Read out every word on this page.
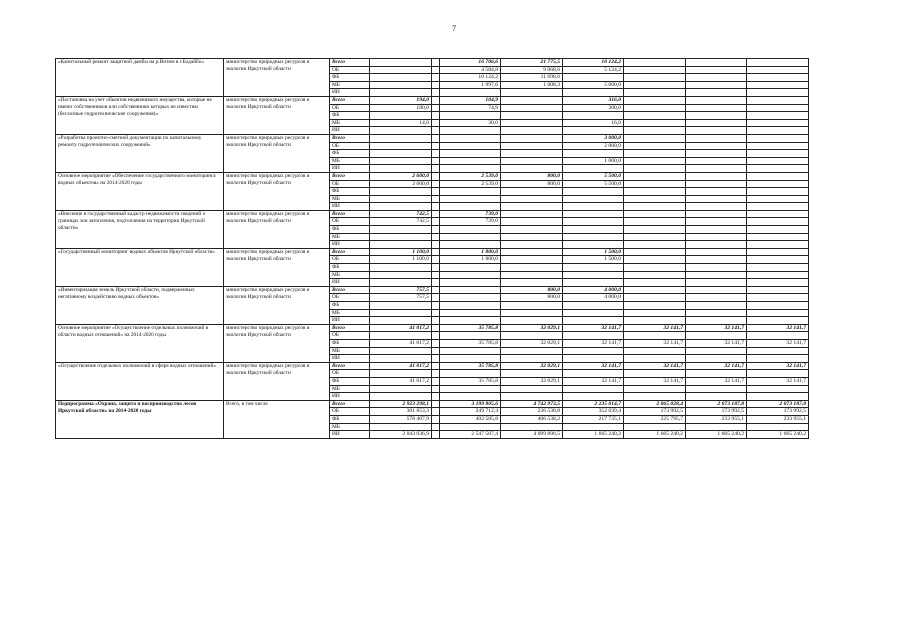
7
«Капитальный ремонт защитной дамбы на р.Витим в г.Бодайбо»	министерство природных ресурсов и экологии Иркутской области	Всего			16 706,6	21 775,5	10 124,2			
		ОБ			4 584,8	9 068,6	5 124,2			
		ФБ			10 124,2	11 698,6				
		МБ			1 997,6	1 008,3	5 000,0			
		ИИ								
«Постановка на учет объектов недвижимого имущества, которые не имеют собственников или собственники которых не известны (бесхозные гидротехнические сооружения)»	министерство природных ресурсов и экологии Иркутской области	Всего	194,0		104,9		316,0			
		ОБ	180,0		74,9		300,0			
		ФБ								
		МБ	14,0		30,0		16,0			
		ИИ								
«Разработка проектно-сметной документации по капитальному ремонту гидротехнических сооружений»	министерство природных ресурсов и экологии Иркутской области	Всего					3 000,0			
		ОБ					2 000,0			
		ФБ								
		МБ					1 000,0			
		ИИ								
Основное мероприятие «Обеспечение государственного мониторинга водных объектов» на 2014-2020 годы	министерство природных ресурсов и экологии Иркутской области	Всего	2 600,0		2 539,0	800,0	5 500,0			
		ОБ	2 600,0		2 539,0	800,0	5 500,0			
		ФБ								
		МБ								
		ИИ								
«Внесение в государственный кадастр недвижимости сведений о границах зон затопления, подтопления на территории Иркутской области»	министерство природных ресурсов и экологии Иркутской области	Всего	742,5		739,0					
		ОБ	742,5		739,0					
		ФБ								
		МБ								
		ИИ								
«Государственный мониторинг водных объектов Иркутской области»	министерство природных ресурсов и экологии Иркутской области	Всего	1 100,0		1 800,0		1 500,0			
		ОБ	1 100,0		1 800,0		1 500,0			
		ФБ								
		МБ								
		ИИ								
«Инвентаризация земель Иркутской области, подверженных негативному воздействию водных объектов»	министерство природных ресурсов и экологии Иркутской области	Всего	757,5			800,0	4 000,0			
		ОБ	757,5			800,0	4 000,0			
		ФБ								
		МБ								
		ИИ								
Основное мероприятие «Осуществление отдельных полномочий в области водных отношений» на 2014-2020 годы	министерство природных ресурсов и экологии Иркутской области	Всего	41 017,2		35 785,8	32 029,1	32 141,7	32 141,7	32 141,7	32 141,7
		ОБ								
		ФБ	41 017,2		35 785,8	32 029,1	32 141,7	32 141,7	32 141,7	32 141,7
		МБ								
		ИИ								
«Осуществление отдельных полномочий в сфере водных отношений»	министерство природных ресурсов и экологии Иркутской области	Всего	41 017,2		35 785,8	32 029,1	32 141,7	32 141,7	32 141,7	32 141,7
		ОБ								
		ФБ	41 017,2		35 785,8	32 029,1	32 141,7	32 141,7	32 141,7	32 141,7
		МБ								
		ИИ								
Подпрограмма «Охрана, защита и воспроизводство лесов Иркутской области» на 2014-2020 годы	Всего, в том числе	Всего	2 923 298,1		3 199 805,6	4 742 973,5	2 235 014,7	2 065 028,4	2 073 187,8	2 073 187,8
		ОБ	301 853,3		249 712,4	236 538,8	352 039,4	173 992,5	173 992,5	173 992,5
		ФБ	578 407,9		402 585,8	406 538,2	217 735,1	225 795,7	233 955,1	233 955,1
		МБ								
		ИИ	2 043 036,9		2 547 507,4	4 099 896,5	1 665 240,2	1 665 240,2	1 665 240,2	1 665 240,2
